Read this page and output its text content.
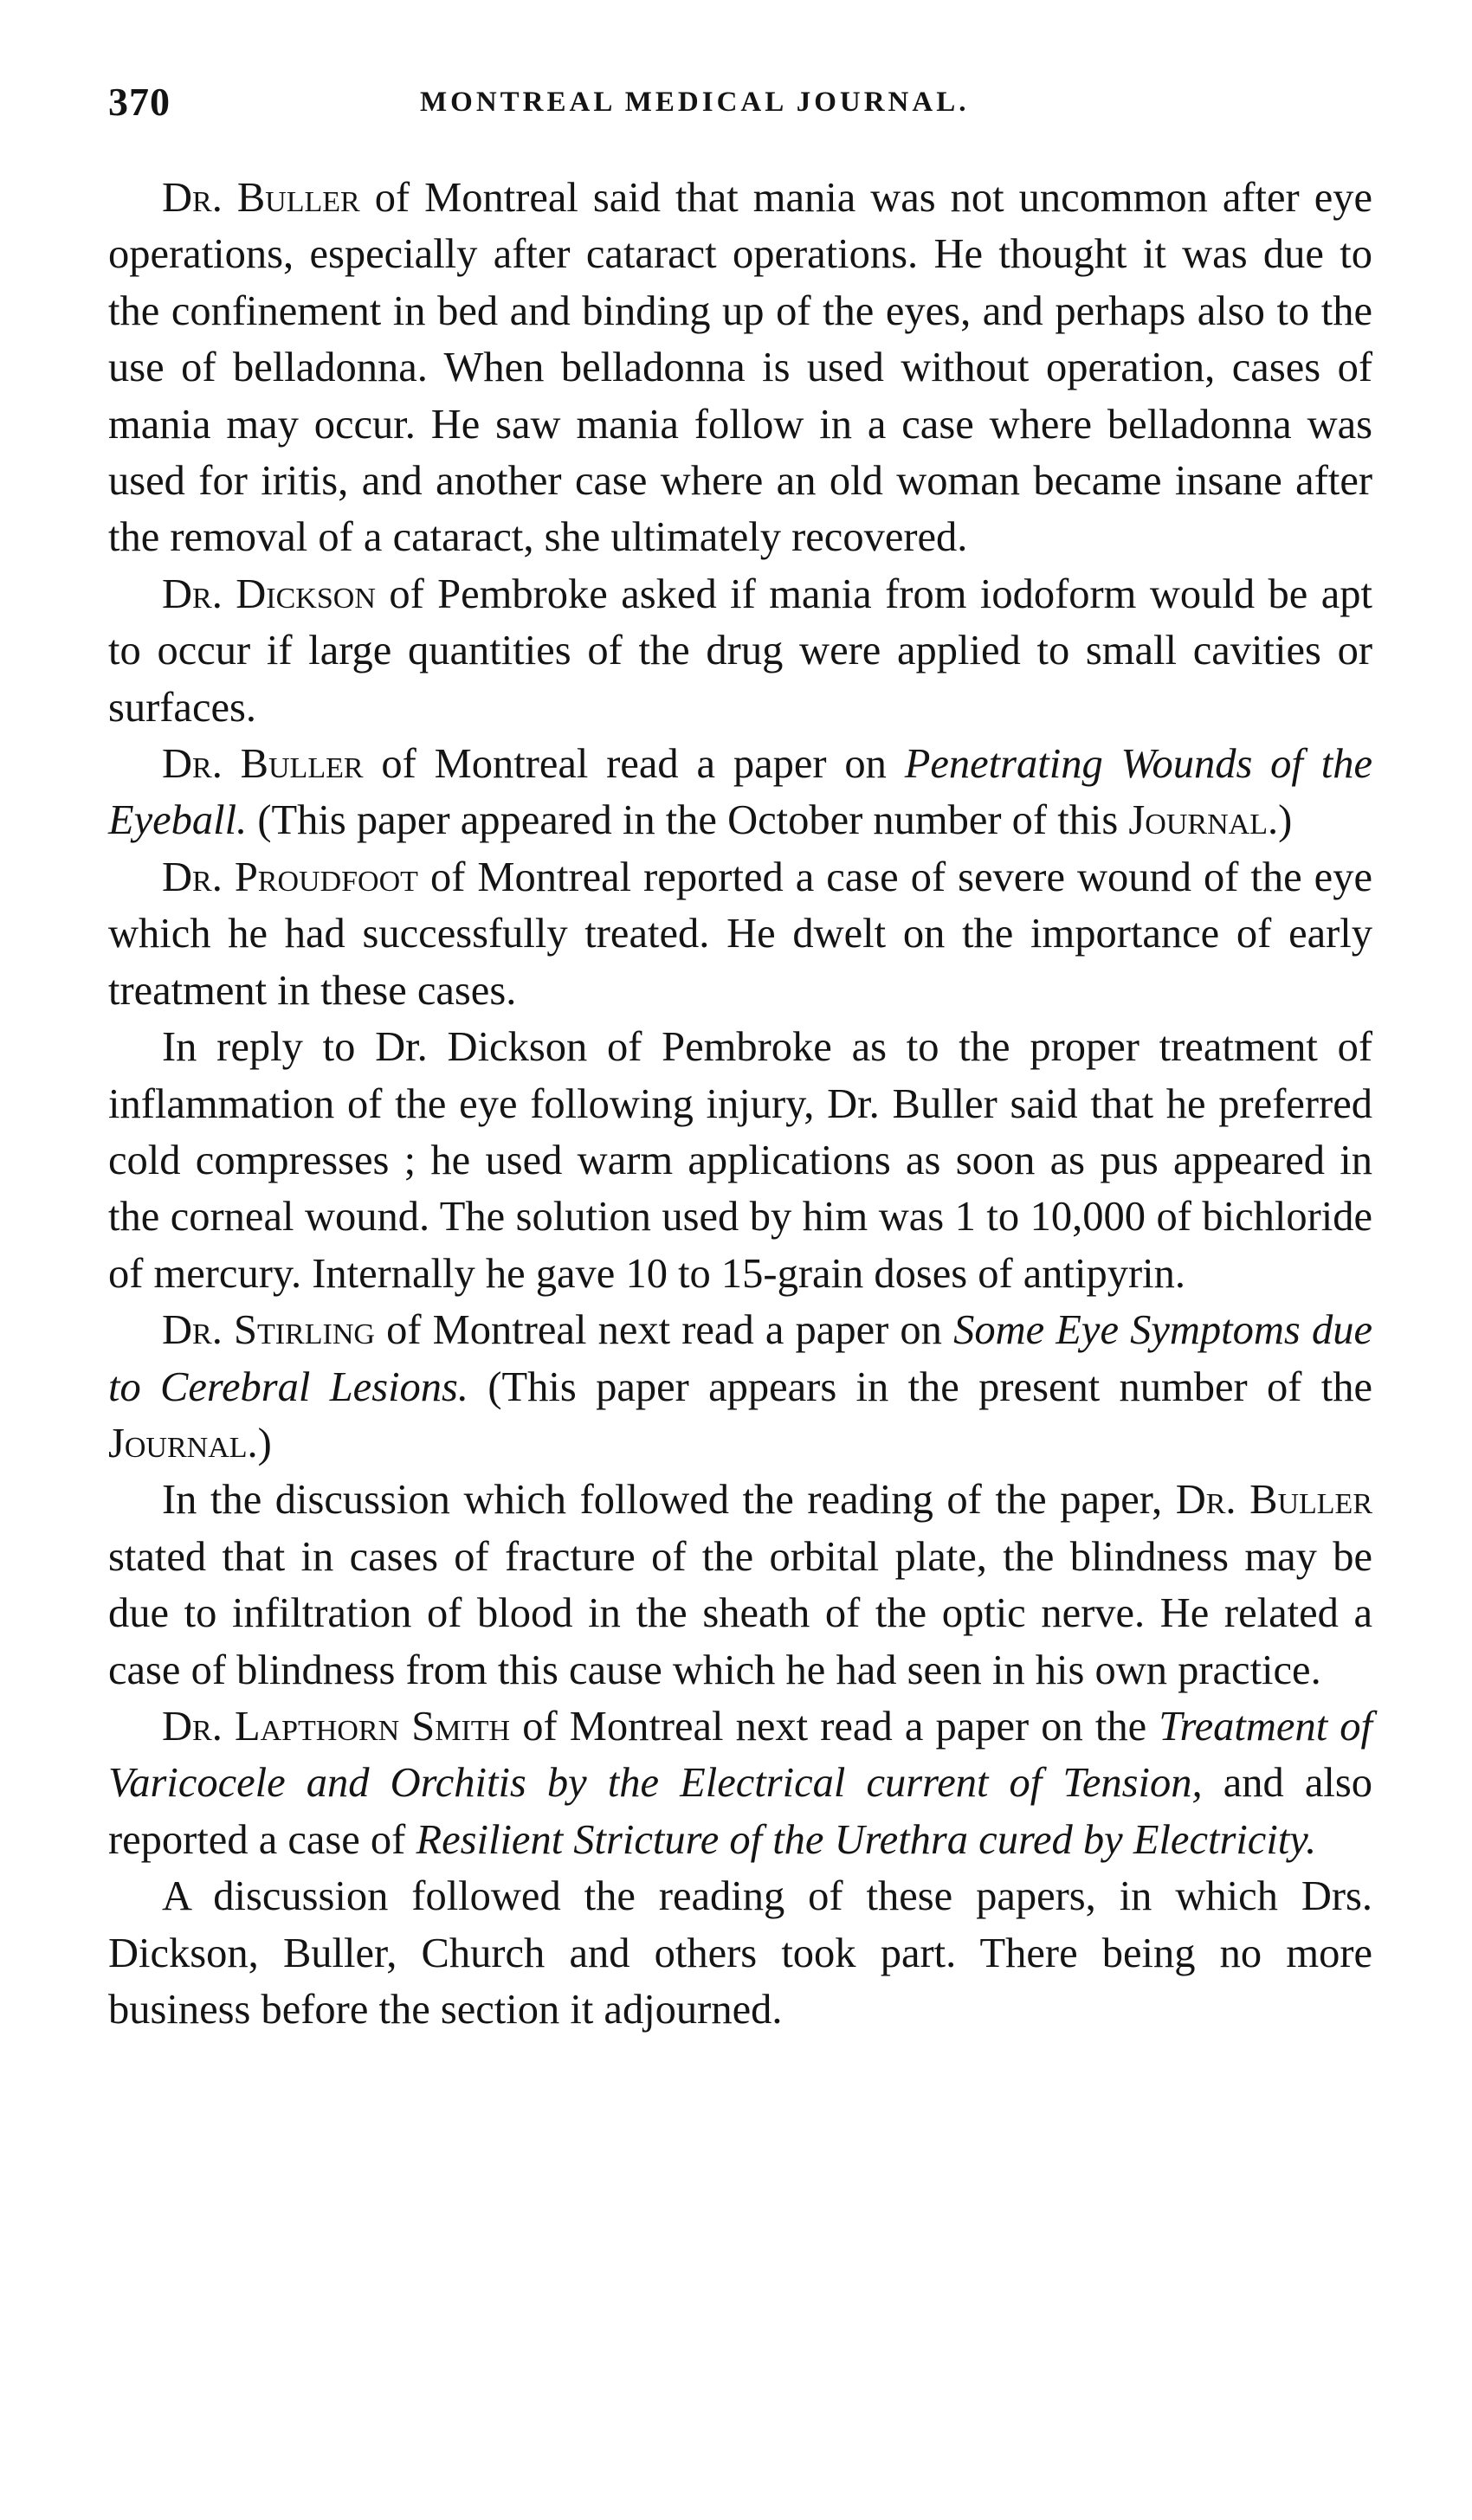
370	MONTREAL MEDICAL JOURNAL.

Dr. Buller of Montreal said that mania was not uncommon after eye operations, especially after cataract operations. He thought it was due to the confinement in bed and binding up of the eyes, and perhaps also to the use of belladonna. When belladonna is used without operation, cases of mania may occur. He saw mania follow in a case where belladonna was used for iritis, and another case where an old woman became insane after the removal of a cataract, she ultimately recovered.

Dr. Dickson of Pembroke asked if mania from iodoform would be apt to occur if large quantities of the drug were applied to small cavities or surfaces.

Dr. Buller of Montreal read a paper on Penetrating Wounds of the Eyeball. (This paper appeared in the October number of this Journal.)

Dr. Proudfoot of Montreal reported a case of severe wound of the eye which he had successfully treated. He dwelt on the importance of early treatment in these cases.

In reply to Dr. Dickson of Pembroke as to the proper treatment of inflammation of the eye following injury, Dr. Buller said that he preferred cold compresses ; he used warm applications as soon as pus appeared in the corneal wound. The solution used by him was 1 to 10,000 of bichloride of mercury. Internally he gave 10 to 15-grain doses of antipyrin.

Dr. Stirling of Montreal next read a paper on Some Eye Symptoms due to Cerebral Lesions. (This paper appears in the present number of the Journal.)

In the discussion which followed the reading of the paper, Dr. Buller stated that in cases of fracture of the orbital plate, the blindness may be due to infiltration of blood in the sheath of the optic nerve. He related a case of blindness from this cause which he had seen in his own practice.

Dr. Lapthorn Smith of Montreal next read a paper on the Treatment of Varicocele and Orchitis by the Electrical current of Tension, and also reported a case of Resilient Stricture of the Urethra cured by Electricity.

A discussion followed the reading of these papers, in which Drs. Dickson, Buller, Church and others took part. There being no more business before the section it adjourned.
